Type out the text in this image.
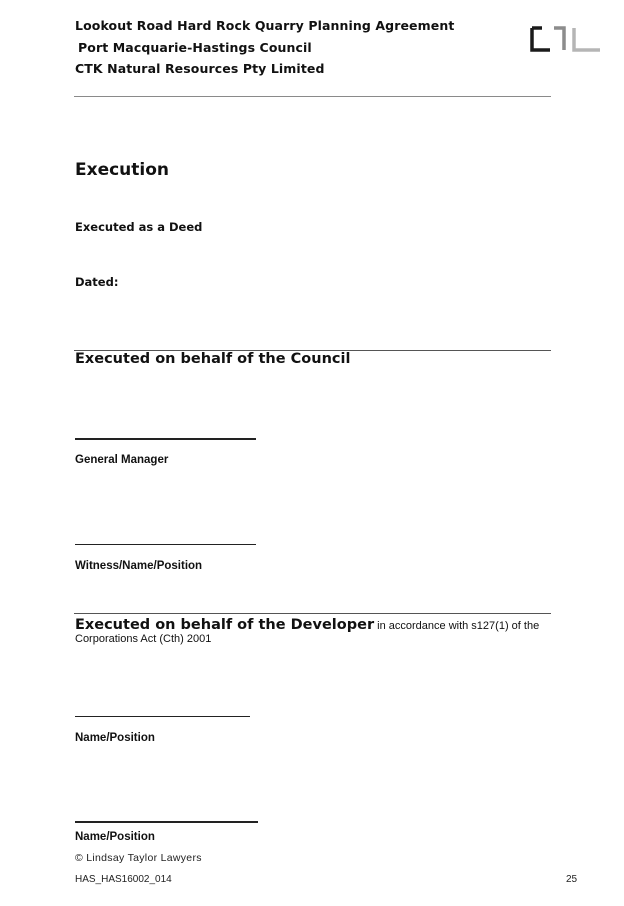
Lookout Road Hard Rock Quarry Planning Agreement
Port Macquarie-Hastings Council
CTK Natural Resources Pty Limited
Execution
Executed as a Deed
Dated:
Executed on behalf of the Council
General Manager
Witness/Name/Position
Executed on behalf of the Developer in accordance with s127(1) of the
Corporations Act (Cth) 2001
Name/Position
Name/Position
© Lindsay Taylor Lawyers
HAS_HAS16002_014	25
